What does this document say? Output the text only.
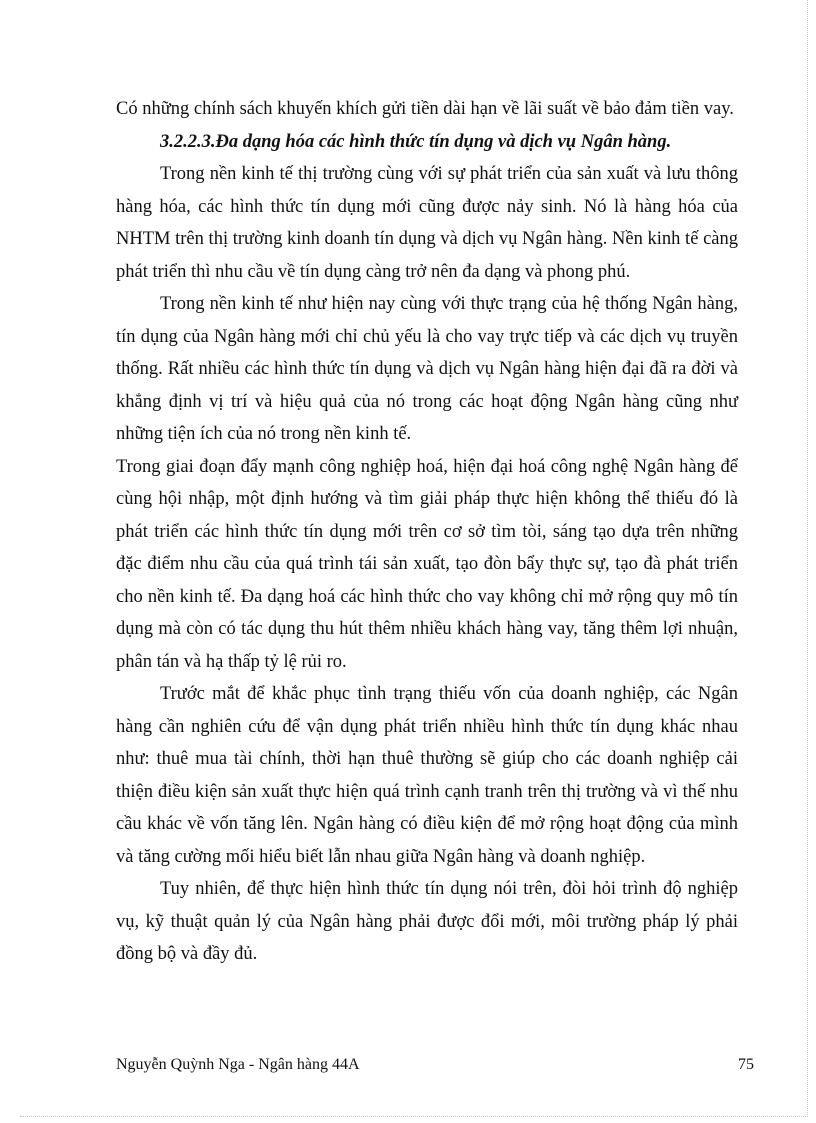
Có những chính sách khuyến khích gửi tiền dài hạn về lãi suất về bảo đảm tiền vay.

3.2.2.3.Đa dạng hóa các hình thức tín dụng và dịch vụ Ngân hàng.

Trong nền kinh tế thị trường cùng với sự phát triển của sản xuất và lưu thông hàng hóa, các hình thức tín dụng mới cũng được nảy sinh. Nó là hàng hóa của NHTM trên thị trường kinh doanh tín dụng và dịch vụ Ngân hàng. Nền kinh tế càng phát triển thì nhu cầu về tín dụng càng trở nên đa dạng và phong phú.

Trong nền kinh tế như hiện nay cùng với thực trạng của hệ thống Ngân hàng, tín dụng của Ngân hàng mới chỉ chủ yếu là cho vay trực tiếp và các dịch vụ truyền thống. Rất nhiều các hình thức tín dụng và dịch vụ Ngân hàng hiện đại đã ra đời và khẳng định vị trí và hiệu quả của nó trong các hoạt động Ngân hàng cũng như những tiện ích của nó trong nền kinh tế.

Trong giai đoạn đẩy mạnh công nghiệp hoá, hiện đại hoá công nghệ Ngân hàng để cùng hội nhập, một định hướng và tìm giải pháp thực hiện không thể thiếu đó là phát triển các hình thức tín dụng mới trên cơ sở tìm tòi, sáng tạo dựa trên những đặc điểm nhu cầu của quá trình tái sản xuất, tạo đòn bẩy thực sự, tạo đà phát triển cho nền kinh tế. Đa dạng hoá các hình thức cho vay không chỉ mở rộng quy mô tín dụng mà còn có tác dụng thu hút thêm nhiều khách hàng vay, tăng thêm lợi nhuận, phân tán và hạ thấp tỷ lệ rủi ro.

Trước mắt để khắc phục tình trạng thiếu vốn của doanh nghiệp, các Ngân hàng cần nghiên cứu để vận dụng phát triển nhiều hình thức tín dụng khác nhau như: thuê mua tài chính, thời hạn thuê thường sẽ giúp cho các doanh nghiệp cải thiện điều kiện sản xuất thực hiện quá trình cạnh tranh trên thị trường và vì thế nhu cầu khác về vốn tăng lên. Ngân hàng có điều kiện để mở rộng hoạt động của mình và tăng cường mối hiểu biết lẫn nhau giữa Ngân hàng và doanh nghiệp.

Tuy nhiên, để thực hiện hình thức tín dụng nói trên, đòi hỏi trình độ nghiệp vụ, kỹ thuật quản lý của Ngân hàng phải được đổi mới, môi trường pháp lý phải đồng bộ và đầy đủ.

Nguyễn Quỳnh Nga - Ngân hàng 44A	75
